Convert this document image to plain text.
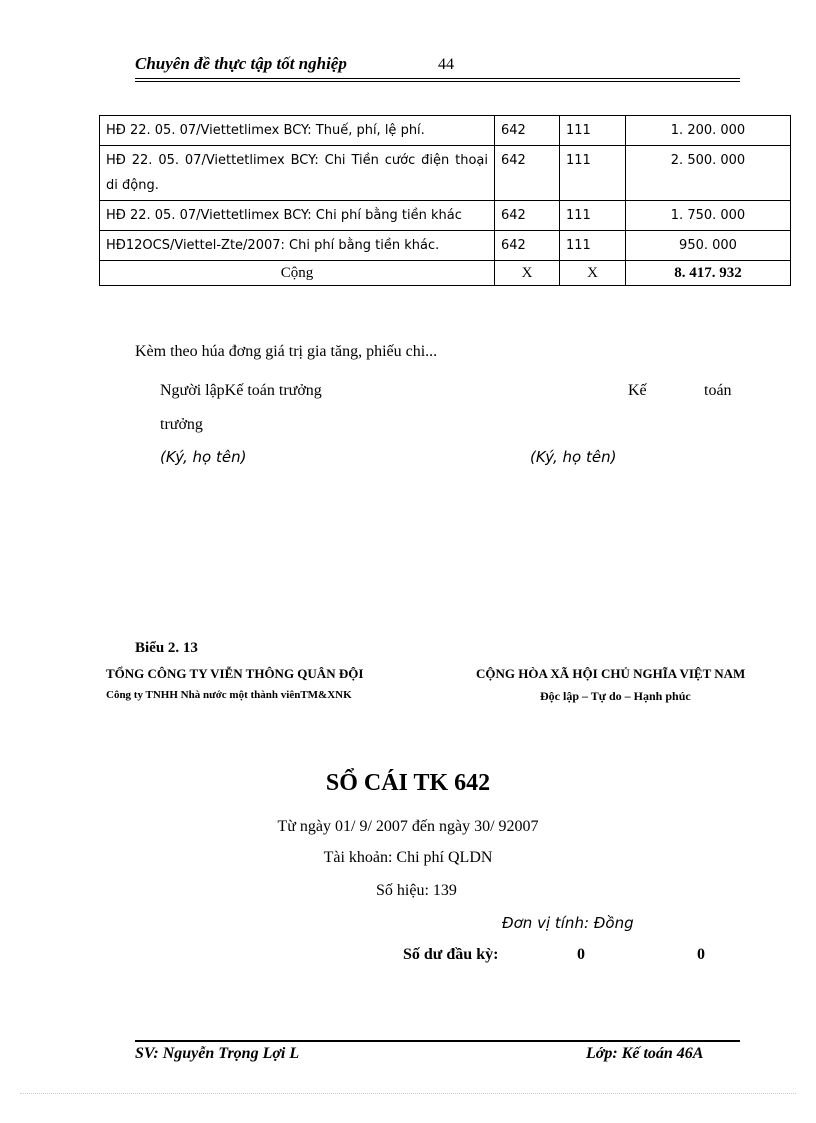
Chuyên đề thực tập tốt nghiệp	44
HĐ 22. 05. 07/Viettetlimex BCY: Thuế, phí, lệ phí.	642	111	1. 200. 000
HĐ 22. 05. 07/Viettetlimex BCY: Chi Tiền cước điện thoại di động.	642	111	2. 500. 000
HĐ 22. 05. 07/Viettetlimex BCY: Chi phí bằng tiền khác	642	111	1. 750. 000
HĐ12OCS/Viettel-Zte/2007: Chi phí bằng tiền khác.	642	111	950. 000
Cộng	X	X	8. 417. 932
Kèm theo húa đơng giá trị gia tăng, phiếu chi...
Người lậpKế toán trưởng	Kế	toán
trưởng
(Ký, họ tên)	(Ký, họ tên)
Biểu 2. 13
TỔNG CÔNG TY VIỄN THÔNG QUÂN ĐỘI
Công ty TNHH Nhà nước một thành viênTM&XNK
CỘNG HÒA XÃ HỘI CHỦ NGHĨA VIỆT NAM
Độc lập – Tự do – Hạnh phúc
SỔ CÁI TK 642
Từ ngày 01/ 9/ 2007 đến ngày 30/ 92007
Tài khoản: Chi phí QLDN
Số hiệu: 139
Đơn vị tính: Đồng
Số dư đầu kỳ:	0	0
SV: Nguyễn Trọng Lợi L	Lớp: Kế toán 46A
